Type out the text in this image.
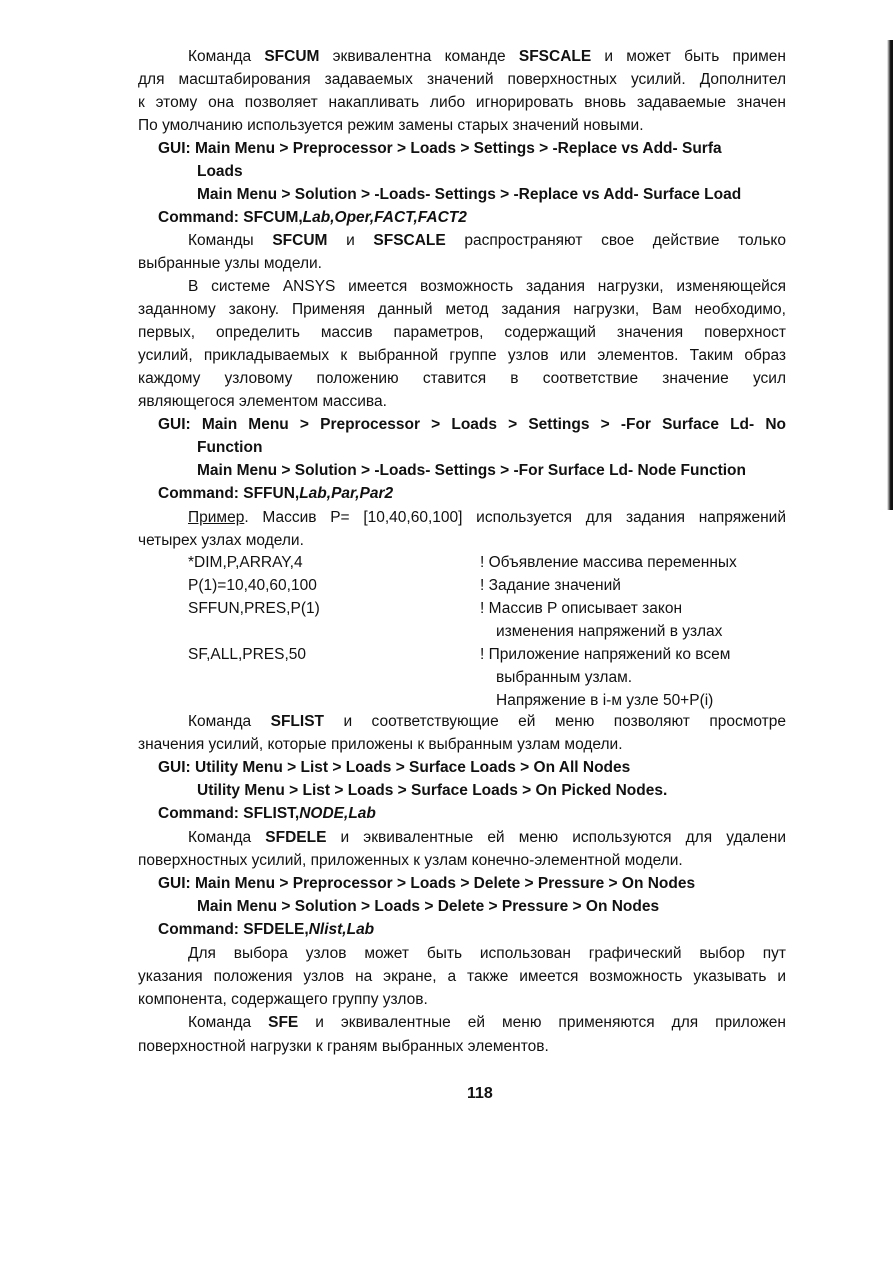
Команда SFCUM эквивалентна команде SFSCALE и может быть примен
для масштабирования задаваемых значений поверхностных усилий. Дополнител
к этому она позволяет накапливать либо игнорировать вновь задаваемые значен
По умолчанию используется режим замены старых значений новыми.
GUI: Main Menu > Preprocessor > Loads > Settings > -Replace vs Add- Surfa
Loads
Main Menu > Solution > -Loads- Settings > -Replace vs Add- Surface Load
Command: SFCUM,Lab,Oper,FACT,FACT2
Команды SFCUM и SFSCALE распространяют свое действие только
выбранные узлы модели.
В системе ANSYS имеется возможность задания нагрузки, изменяющейся
заданному закону. Применяя данный метод задания нагрузки, Вам необходимо,
первых, определить массив параметров, содержащий значения поверхност
усилий, прикладываемых к выбранной группе узлов или элементов. Таким образ
каждому узловому положению ставится в соответствие значение усил
являющегося элементом массива.
GUI: Main Menu > Preprocessor > Loads > Settings > -For Surface Ld- No
Function
Main Menu > Solution > -Loads- Settings > -For Surface Ld- Node Function
Command: SFFUN,Lab,Par,Par2
Пример. Массив P= [10,40,60,100] используется для задания напряжений
четырех узлах модели.
Команда SFLIST и соответствующие ей меню позволяют просмотре
значения усилий, которые приложены к выбранным узлам модели.
GUI: Utility Menu > List > Loads > Surface Loads > On All Nodes
Utility Menu > List > Loads > Surface Loads > On Picked Nodes.
Command: SFLIST,NODE,Lab
Команда SFDELE и эквивалентные ей меню используются для удалени
поверхностных усилий, приложенных к узлам конечно-элементной модели.
GUI: Main Menu > Preprocessor > Loads > Delete > Pressure > On Nodes
Main Menu > Solution > Loads > Delete > Pressure > On Nodes
Command: SFDELE,Nlist,Lab
Для выбора узлов может быть использован графический выбор пут
указания положения узлов на экране, а также имеется возможность указывать и
компонента, содержащего группу узлов.
Команда SFE и эквивалентные ей меню применяются для приложен
поверхностной нагрузки к граням выбранных элементов.
*DIM,P,ARRAY,4	! Объявление массива переменных
P(1)=10,40,60,100	! Задание значений
SFFUN,PRES,P(1)	! Массив P описывает закон
изменения напряжений в узлах
SF,ALL,PRES,50	! Приложение напряжений ко всем
выбранным узлам.
Напряжение в i-м узле 50+P(i)
118
